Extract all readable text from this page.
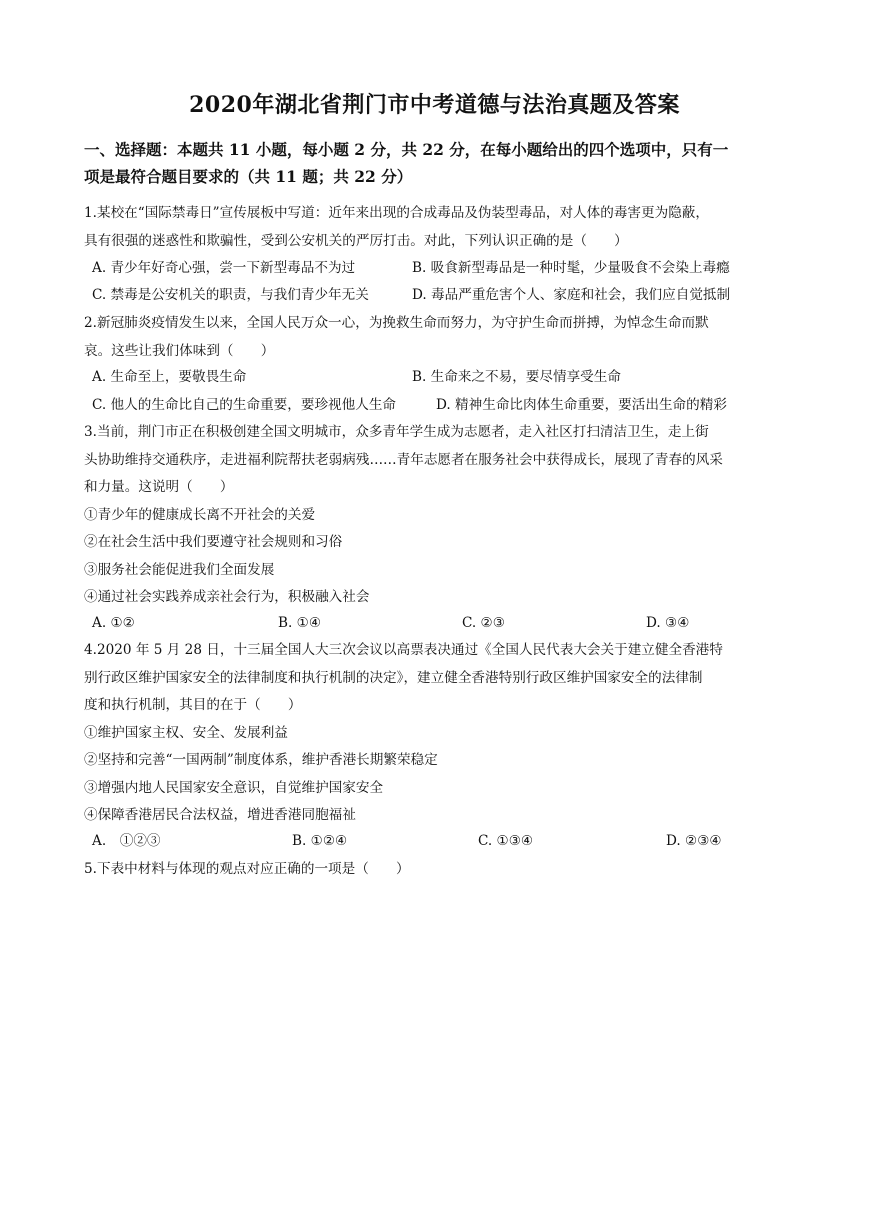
2020年湖北省荆门市中考道德与法治真题及答案
一、选择题：本题共 11 小题，每小题 2 分，共 22 分，在每小题给出的四个选项中，只有一
项是最符合题目要求的（共 11 题；共 22 分）
1.某校在“国际禁毒日”宣传展板中写道：近年来出现的合成毒品及伪装型毒品，对人体的毒害更为隐蔽，
具有很强的迷惑性和欺骗性，受到公安机关的严厉打击。对此，下列认识正确的是（　　）
A. 青少年好奇心强，尝一下新型毒品不为过	B. 吸食新型毒品是一种时髦，少量吸食不会染上毒瘾
C. 禁毒是公安机关的职责，与我们青少年无关	D. 毒品严重危害个人、家庭和社会，我们应自觉抵制
2.新冠肺炎疫情发生以来，全国人民万众一心，为挽救生命而努力，为守护生命而拼搏，为悼念生命而默
哀。这些让我们体味到（　　）
A. 生命至上，要敬畏生命	B. 生命来之不易，要尽情享受生命
C. 他人的生命比自己的生命重要，要珍视他人生命	D. 精神生命比肉体生命重要，要活出生命的精彩
3.当前，荆门市正在积极创建全国文明城市，众多青年学生成为志愿者，走入社区打扫清洁卫生，走上街
头协助维持交通秩序，走进福利院帮扶老弱病残……青年志愿者在服务社会中获得成长，展现了青春的风采
和力量。这说明（　　）
①青少年的健康成长离不开社会的关爱
②在社会生活中我们要遵守社会规则和习俗
③服务社会能促进我们全面发展
④通过社会实践养成亲社会行为，积极融入社会
A. ①②	B. ①④	C. ②③	D. ③④
4.2020 年 5 月 28 日，十三届全国人大三次会议以高票表决通过《全国人民代表大会关于建立健全香港特
别行政区维护国家安全的法律制度和执行机制的决定》，建立健全香港特别行政区维护国家安全的法律制
度和执行机制，其目的在于（　　）
①维护国家主权、安全、发展利益
②坚持和完善“一国两制”制度体系，维护香港长期繁荣稳定
③增强内地人民国家安全意识，自觉维护国家安全
④保障香港居民合法权益，增进香港同胞福祉
A.　①②③	B. ①②④	C. ①③④	D. ②③④
5.下表中材料与体现的观点对应正确的一项是（　　）
